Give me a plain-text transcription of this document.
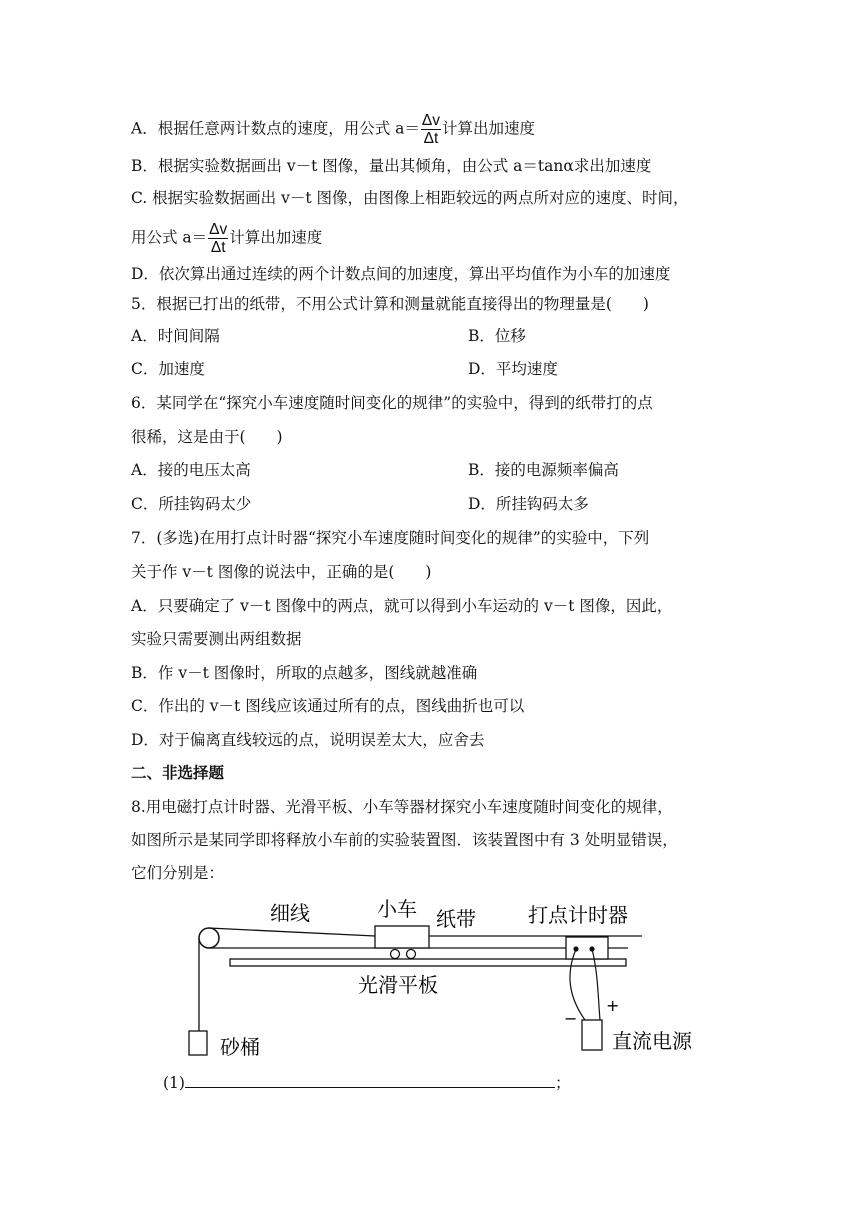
A．根据任意两计数点的速度，用公式 $a= \frac{\Delta v}{\Delta t}$ 计算出加速度
B．根据实验数据画出 v－t 图像，量出其倾角，由公式 a＝tanα求出加速度
C. 根据实验数据画出 v－t 图像，由图像上相距较远的两点所对应的速度、时间，
用公式 $a= \frac{\Delta v}{\Delta t}$ 计算出加速度
D．依次算出通过连续的两个计数点间的加速度，算出平均值作为小车的加速度
5．根据已打出的纸带，不用公式计算和测量就能直接得出的物理量是(　　)
A．时间间隔	B．位移
C．加速度	D．平均速度
6．某同学在“探究小车速度随时间变化的规律”的实验中，得到的纸带打的点
很稀，这是由于(　　)
A．接的电压太高	B．接的电源频率偏高
C．所挂钩码太少	D．所挂钩码太多
7．(多选)在用打点计时器“探究小车速度随时间变化的规律”的实验中，下列
关于作 v－t 图像的说法中，正确的是(　　)
A．只要确定了 v－t 图像中的两点，就可以得到小车运动的 v－t 图像，因此，
实验只需要测出两组数据
B．作 v－t 图像时，所取的点越多，图线就越准确
C．作出的 v－t 图线应该通过所有的点，图线曲折也可以
D．对于偏离直线较远的点，说明误差太大，应舍去
二、非选择题
8.用电磁打点计时器、光滑平板、小车等器材探究小车速度随时间变化的规律，
如图所示是某同学即将释放小车前的实验装置图．该装置图中有 3 处明显错误，
它们分别是：
细线	小车 纸带	打点计时器
光滑平板
砂桶	直流电源
−
+
(1)	；
